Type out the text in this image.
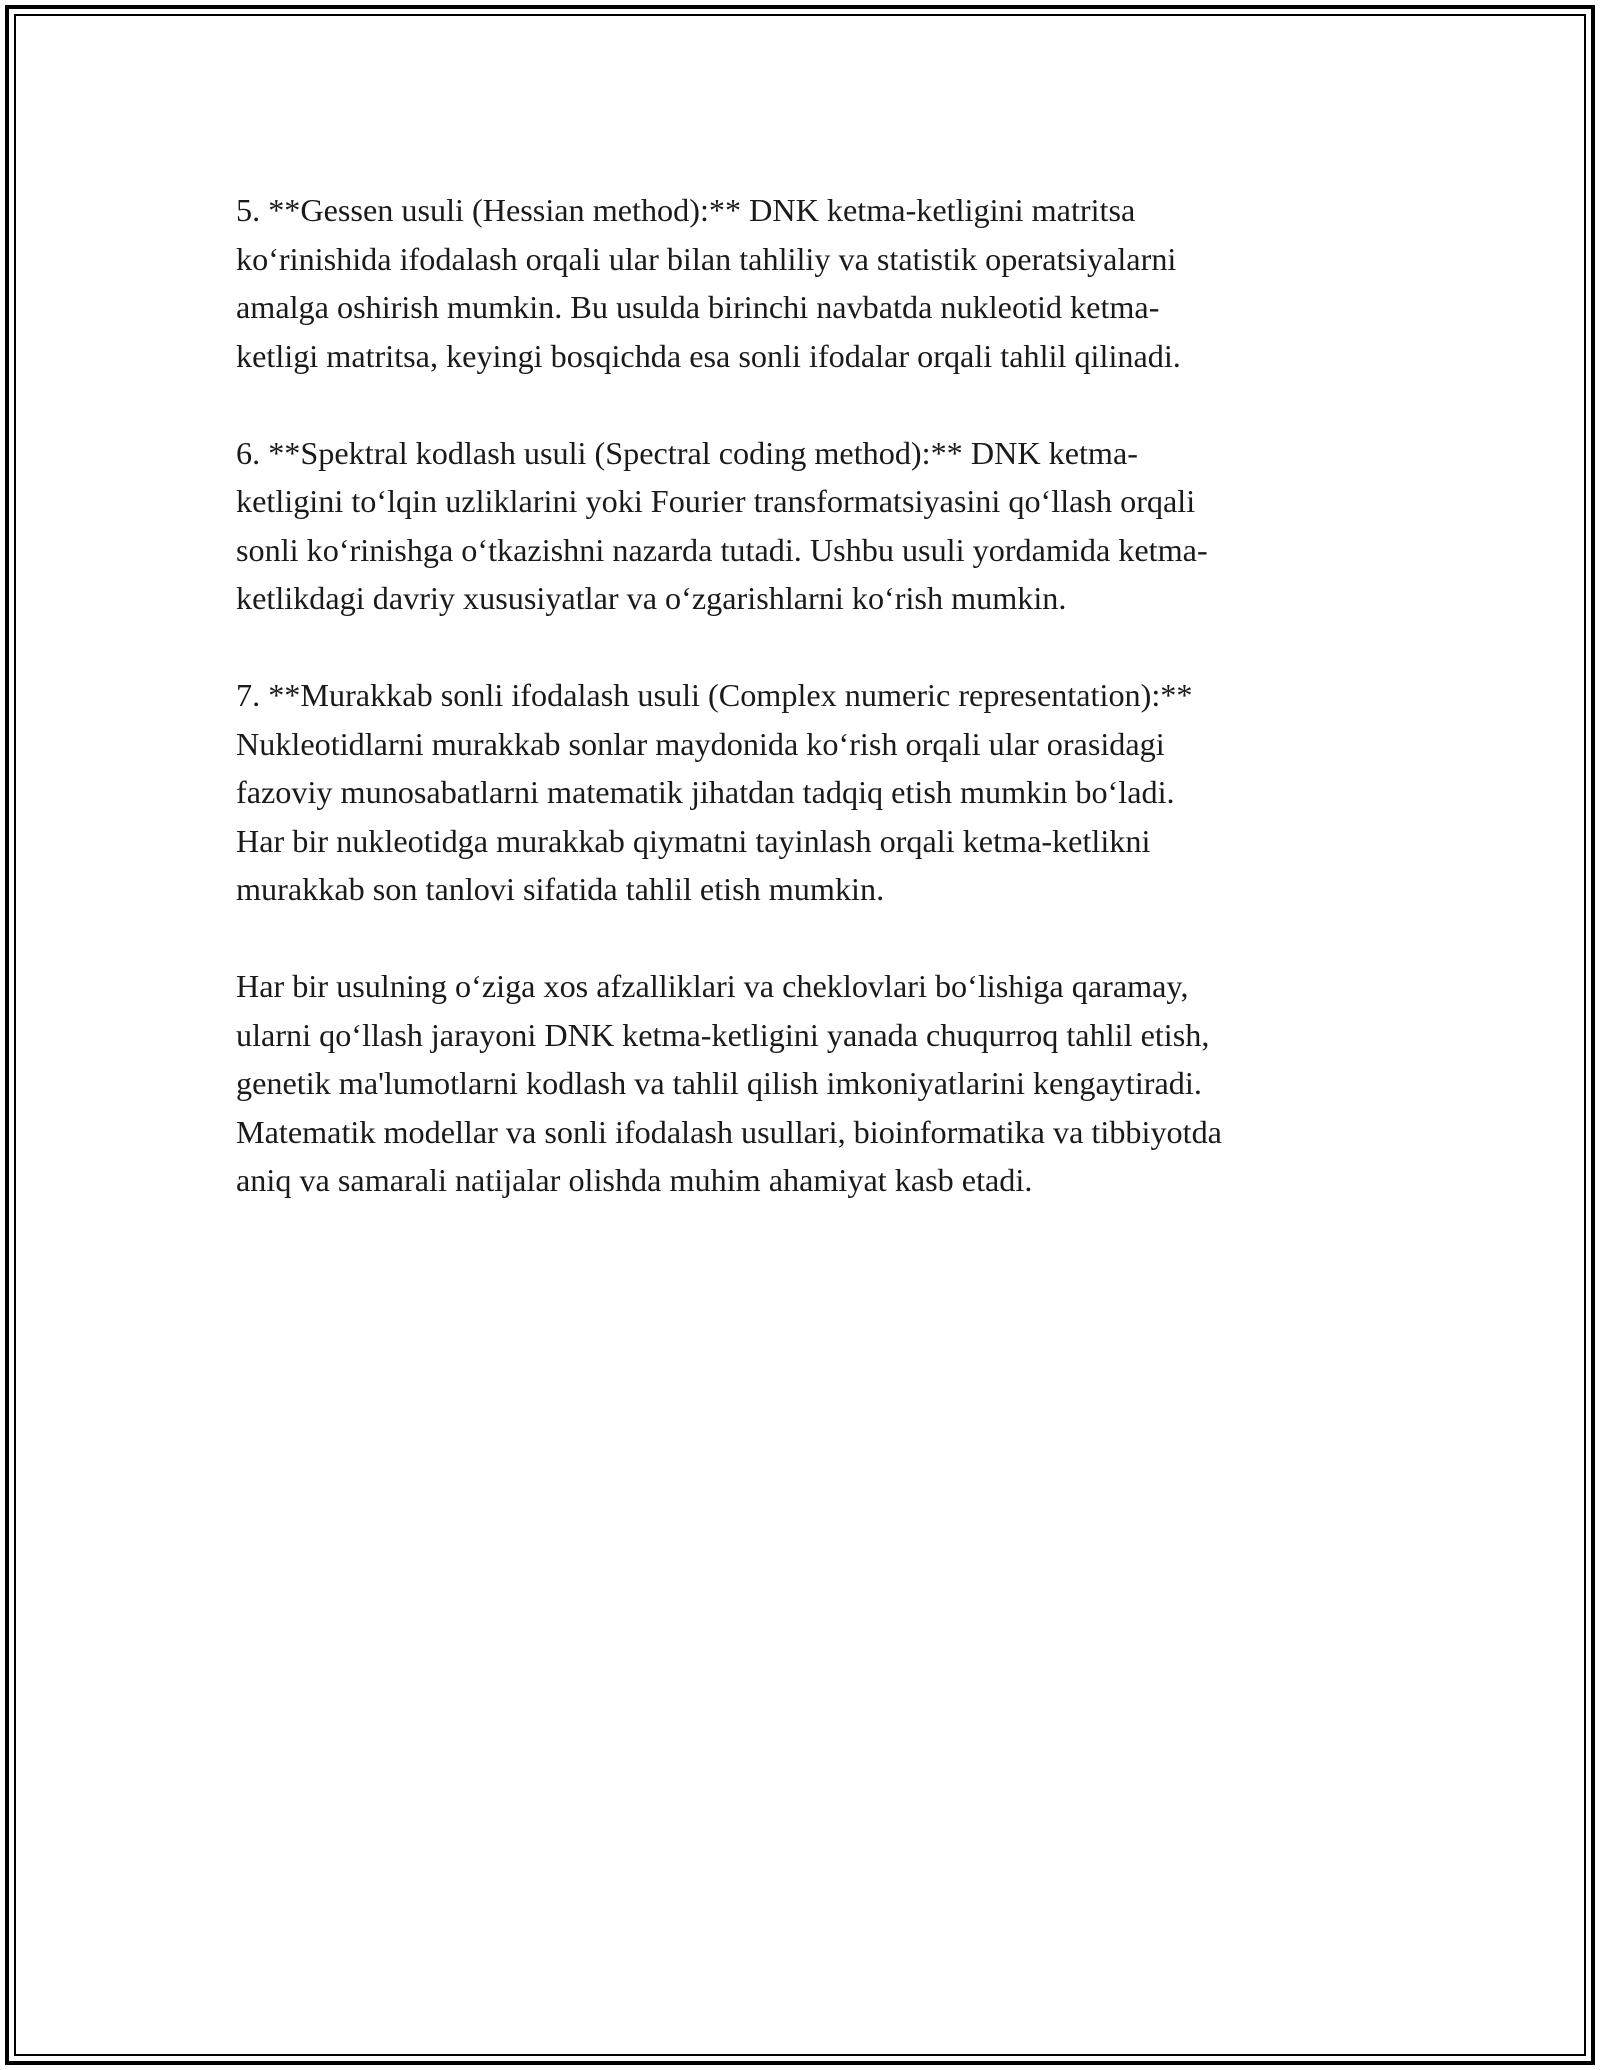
5. **Gessen usuli (Hessian method):** DNK ketma-ketligini matritsa
ko‘rinishida ifodalash orqali ular bilan tahliliy va statistik operatsiyalarni
amalga oshirish mumkin. Bu usulda birinchi navbatda nukleotid ketma-
ketligi matritsa, keyingi bosqichda esa sonli ifodalar orqali tahlil qilinadi.

6. **Spektral kodlash usuli (Spectral coding method):** DNK ketma-
ketligini to‘lqin uzliklarini yoki Fourier transformatsiyasini qo‘llash orqali
sonli ko‘rinishga o‘tkazishni nazarda tutadi. Ushbu usuli yordamida ketma-
ketlikdagi davriy xususiyatlar va o‘zgarishlarni ko‘rish mumkin.

7. **Murakkab sonli ifodalash usuli (Complex numeric representation):**
Nukleotidlarni murakkab sonlar maydonida ko‘rish orqali ular orasidagi
fazoviy munosabatlarni matematik jihatdan tadqiq etish mumkin bo‘ladi.
Har bir nukleotidga murakkab qiymatni tayinlash orqali ketma-ketlikni
murakkab son tanlovi sifatida tahlil etish mumkin.

Har bir usulning o‘ziga xos afzalliklari va cheklovlari bo‘lishiga qaramay,
ularni qo‘llash jarayoni DNK ketma-ketligini yanada chuqurroq tahlil etish,
genetik ma'lumotlarni kodlash va tahlil qilish imkoniyatlarini kengaytiradi.
Matematik modellar va sonli ifodalash usullari, bioinformatika va tibbiyotda
aniq va samarali natijalar olishda muhim ahamiyat kasb etadi.
